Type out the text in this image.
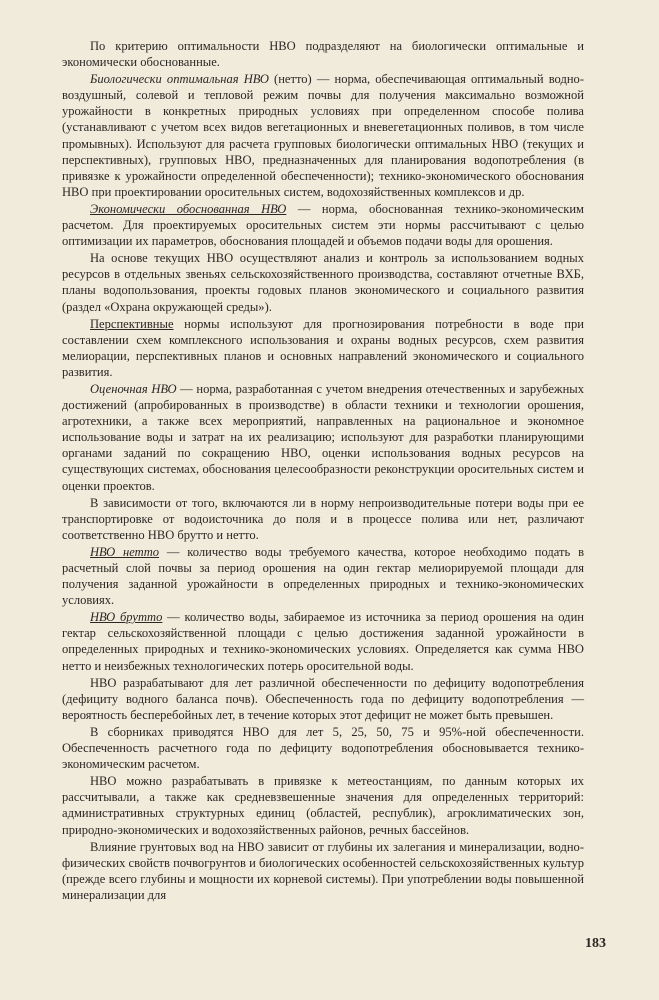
По критерию оптимальности НВО подразделяют на биологически оптимальные и экономически обоснованные.

Биологически оптимальная НВО (нетто) — норма, обеспечивающая оптимальный водно-воздушный, солевой и тепловой режим почвы для получения максимально возможной урожайности в конкретных природных условиях при определенном способе полива (устанавливают с учетом всех видов вегетационных и вневегетационных поливов, в том числе промывных). Используют для расчета групповых биологически оптимальных НВО (текущих и перспективных), групповых НВО, предназначенных для планирования водопотребления (в привязке к урожайности определенной обеспеченности); технико-экономического обоснования НВО при проектировании оросительных систем, водохозяйственных комплексов и др.

Экономически обоснованная НВО — норма, обоснованная технико-экономическим расчетом. Для проектируемых оросительных систем эти нормы рассчитывают с целью оптимизации их параметров, обоснования площадей и объемов подачи воды для орошения.

На основе текущих НВО осуществляют анализ и контроль за использованием водных ресурсов в отдельных звеньях сельскохозяйственного производства, составляют отчетные ВХБ, планы водопользования, проекты годовых планов экономического и социального развития (раздел «Охрана окружающей среды»).

Перспективные нормы используют для прогнозирования потребности в воде при составлении схем комплексного использования и охраны водных ресурсов, схем развития мелиорации, перспективных планов и основных направлений экономического и социального развития.

Оценочная НВО — норма, разработанная с учетом внедрения отечественных и зарубежных достижений (апробированных в производстве) в области техники и технологии орошения, агротехники, а также всех мероприятий, направленных на рациональное и экономное использование воды и затрат на их реализацию; используют для разработки планирующими органами заданий по сокращению НВО, оценки использования водных ресурсов на существующих системах, обоснования целесообразности реконструкции оросительных систем и оценки проектов.

В зависимости от того, включаются ли в норму непроизводительные потери воды при ее транспортировке от водоисточника до поля и в процессе полива или нет, различают соответственно НВО брутто и нетто.

НВО нетто — количество воды требуемого качества, которое необходимо подать в расчетный слой почвы за период орошения на один гектар мелиорируемой площади для получения заданной урожайности в определенных природных и технико-экономических условиях.

НВО брутто — количество воды, забираемое из источника за период орошения на один гектар сельскохозяйственной площади с целью достижения заданной урожайности в определенных природных и технико-экономических условиях. Определяется как сумма НВО нетто и неизбежных технологических потерь оросительной воды.

НВО разрабатывают для лет различной обеспеченности по дефициту водопотребления (дефициту водного баланса почв). Обеспеченность года по дефициту водопотребления — вероятность бесперебойных лет, в течение которых этот дефицит не может быть превышен.

В сборниках приводятся НВО для лет 5, 25, 50, 75 и 95%-ной обеспеченности. Обеспеченность расчетного года по дефициту водопотребления обосновывается технико-экономическим расчетом.

НВО можно разрабатывать в привязке к метеостанциям, по данным которых их рассчитывали, а также как средневзвешенные значения для определенных территорий: административных структурных единиц (областей, республик), агроклиматических зон, природно-экономических и водохозяйственных районов, речных бассейнов.

Влияние грунтовых вод на НВО зависит от глубины их залегания и минерализации, водно-физических свойств почвогрунтов и биологических особенностей сельскохозяйственных культур (прежде всего глубины и мощности их корневой системы). При употреблении воды повышенной минерализации для

183
